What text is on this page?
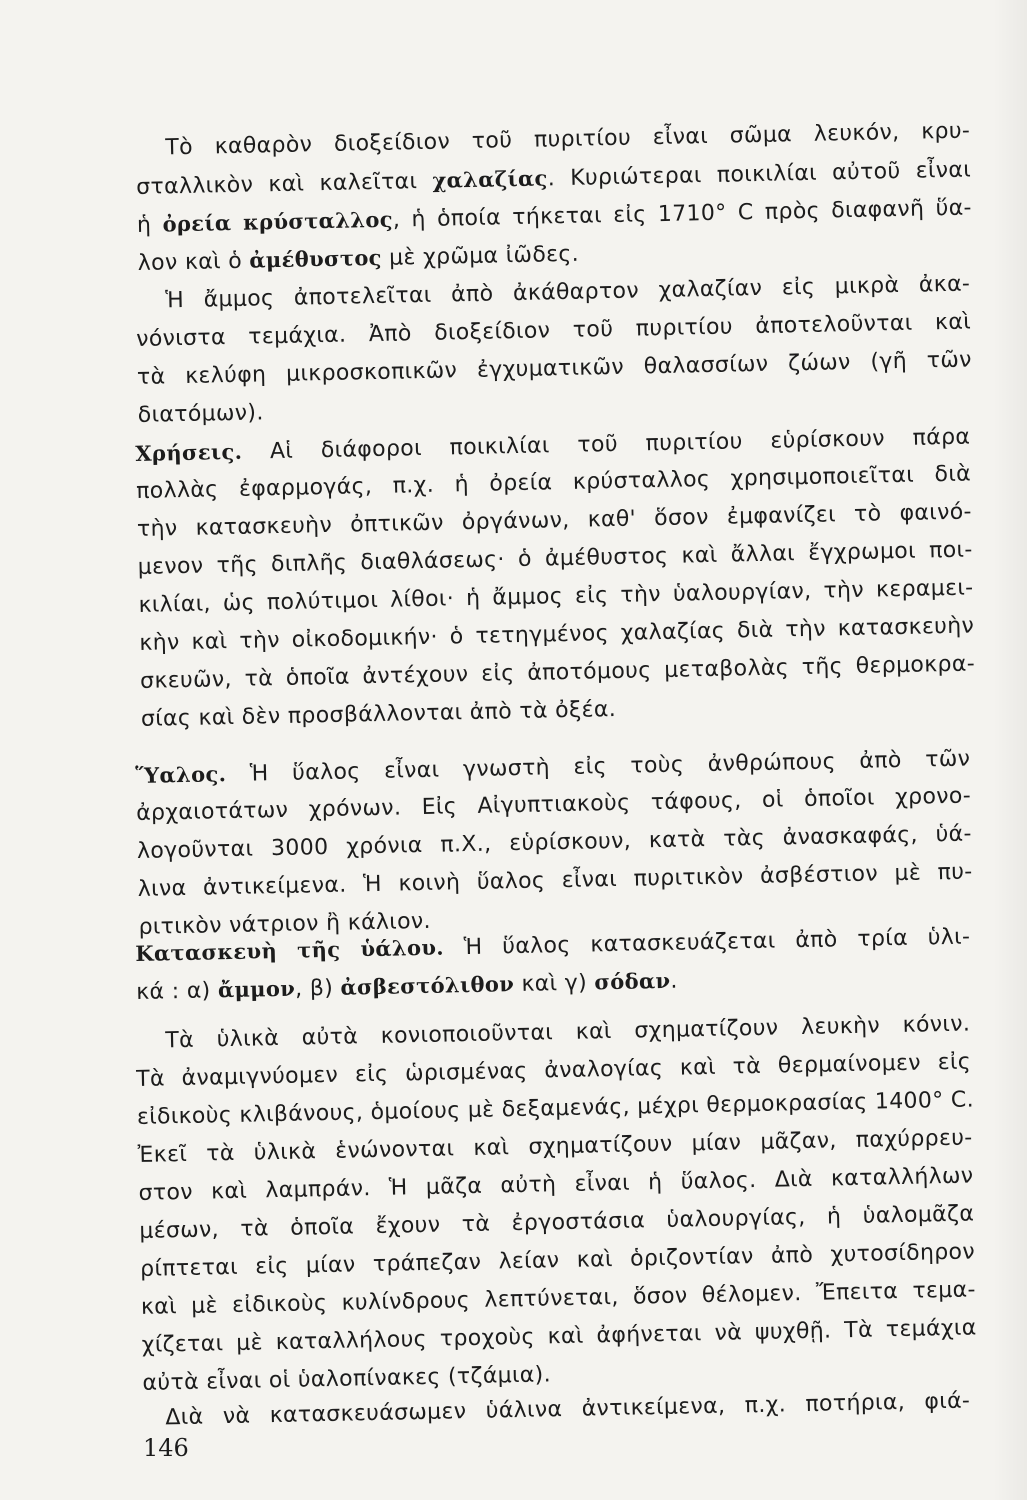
Τὸ καθαρὸν διοξείδιον τοῦ πυριτίου εἶναι σῶμα λευκόν, κρυ-
σταλλικὸν καὶ καλεῖται χαλαζίας. Κυριώτεραι ποικιλίαι αὐτοῦ εἶναι
ἡ ὀρεία κρύσταλλος, ἡ ὁποία τήκεται εἰς 1710° C πρὸς διαφανῆ ὕα-
λον καὶ ὁ ἀμέθυστος μὲ χρῶμα ἰῶδες.
Ἡ ἄμμος ἀποτελεῖται ἀπὸ ἀκάθαρτον χαλαζίαν εἰς μικρὰ ἀκα-
νόνιστα τεμάχια. Ἀπὸ διοξείδιον τοῦ πυριτίου ἀποτελοῦνται καὶ
τὰ κελύφη μικροσκοπικῶν ἐγχυματικῶν θαλασσίων ζώων (γῆ τῶν
διατόμων).
Χρήσεις. Αἱ διάφοροι ποικιλίαι τοῦ πυριτίου εὑρίσκουν πάρα
πολλὰς ἐφαρμογάς, π.χ. ἡ ὀρεία κρύσταλλος χρησιμοποιεῖται διὰ
τὴν κατασκευὴν ὀπτικῶν ὀργάνων, καθ' ὅσον ἐμφανίζει τὸ φαινό-
μενον τῆς διπλῆς διαθλάσεως· ὁ ἀμέθυστος καὶ ἄλλαι ἔγχρωμοι ποι-
κιλίαι, ὡς πολύτιμοι λίθοι· ἡ ἄμμος εἰς τὴν ὑαλουργίαν, τὴν κεραμει-
κὴν καὶ τὴν οἰκοδομικήν· ὁ τετηγμένος χαλαζίας διὰ τὴν κατασκευὴν
σκευῶν, τὰ ὁποῖα ἀντέχουν εἰς ἀποτόμους μεταβολὰς τῆς θερμοκρα-
σίας καὶ δὲν προσβάλλονται ἀπὸ τὰ ὀξέα.
Ὕαλος. Ἡ ὕαλος εἶναι γνωστὴ εἰς τοὺς ἀνθρώπους ἀπὸ τῶν
ἀρχαιοτάτων χρόνων. Εἰς Αἰγυπτιακοὺς τάφους, οἱ ὁποῖοι χρονο-
λογοῦνται 3000 χρόνια π.Χ., εὑρίσκουν, κατὰ τὰς ἀνασκαφάς, ὑά-
λινα ἀντικείμενα. Ἡ κοινὴ ὕαλος εἶναι πυριτικὸν ἀσβέστιον μὲ πυ-
ριτικὸν νάτριον ἢ κάλιον.
Κατασκευὴ τῆς ὑάλου. Ἡ ὕαλος κατασκευάζεται ἀπὸ τρία ὑλι-
κά : α) ἄμμον, β) ἀσβεστόλιθον καὶ γ) σόδαν.
Τὰ ὑλικὰ αὐτὰ κονιοποιοῦνται καὶ σχηματίζουν λευκὴν κόνιν.
Τὰ ἀναμιγνύομεν εἰς ὡρισμένας ἀναλογίας καὶ τὰ θερμαίνομεν εἰς
εἰδικοὺς κλιβάνους, ὁμοίους μὲ δεξαμενάς, μέχρι θερμοκρασίας 1400° C.
Ἐκεῖ τὰ ὑλικὰ ἑνώνονται καὶ σχηματίζουν μίαν μᾶζαν, παχύρρευ-
στον καὶ λαμπράν. Ἡ μᾶζα αὐτὴ εἶναι ἡ ὕαλος. Διὰ καταλλήλων
μέσων, τὰ ὁποῖα ἔχουν τὰ ἐργοστάσια ὑαλουργίας, ἡ ὑαλομᾶζα
ρίπτεται εἰς μίαν τράπεζαν λείαν καὶ ὁριζοντίαν ἀπὸ χυτοσίδηρον
καὶ μὲ εἰδικοὺς κυλίνδρους λεπτύνεται, ὅσον θέλομεν. Ἔπειτα τεμα-
χίζεται μὲ καταλλήλους τροχοὺς καὶ ἀφήνεται νὰ ψυχθῇ. Τὰ τεμάχια
αὐτὰ εἶναι οἱ ὑαλοπίνακες (τζάμια).
Διὰ νὰ κατασκευάσωμεν ὑάλινα ἀντικείμενα, π.χ. ποτήρια, φιά-
146
